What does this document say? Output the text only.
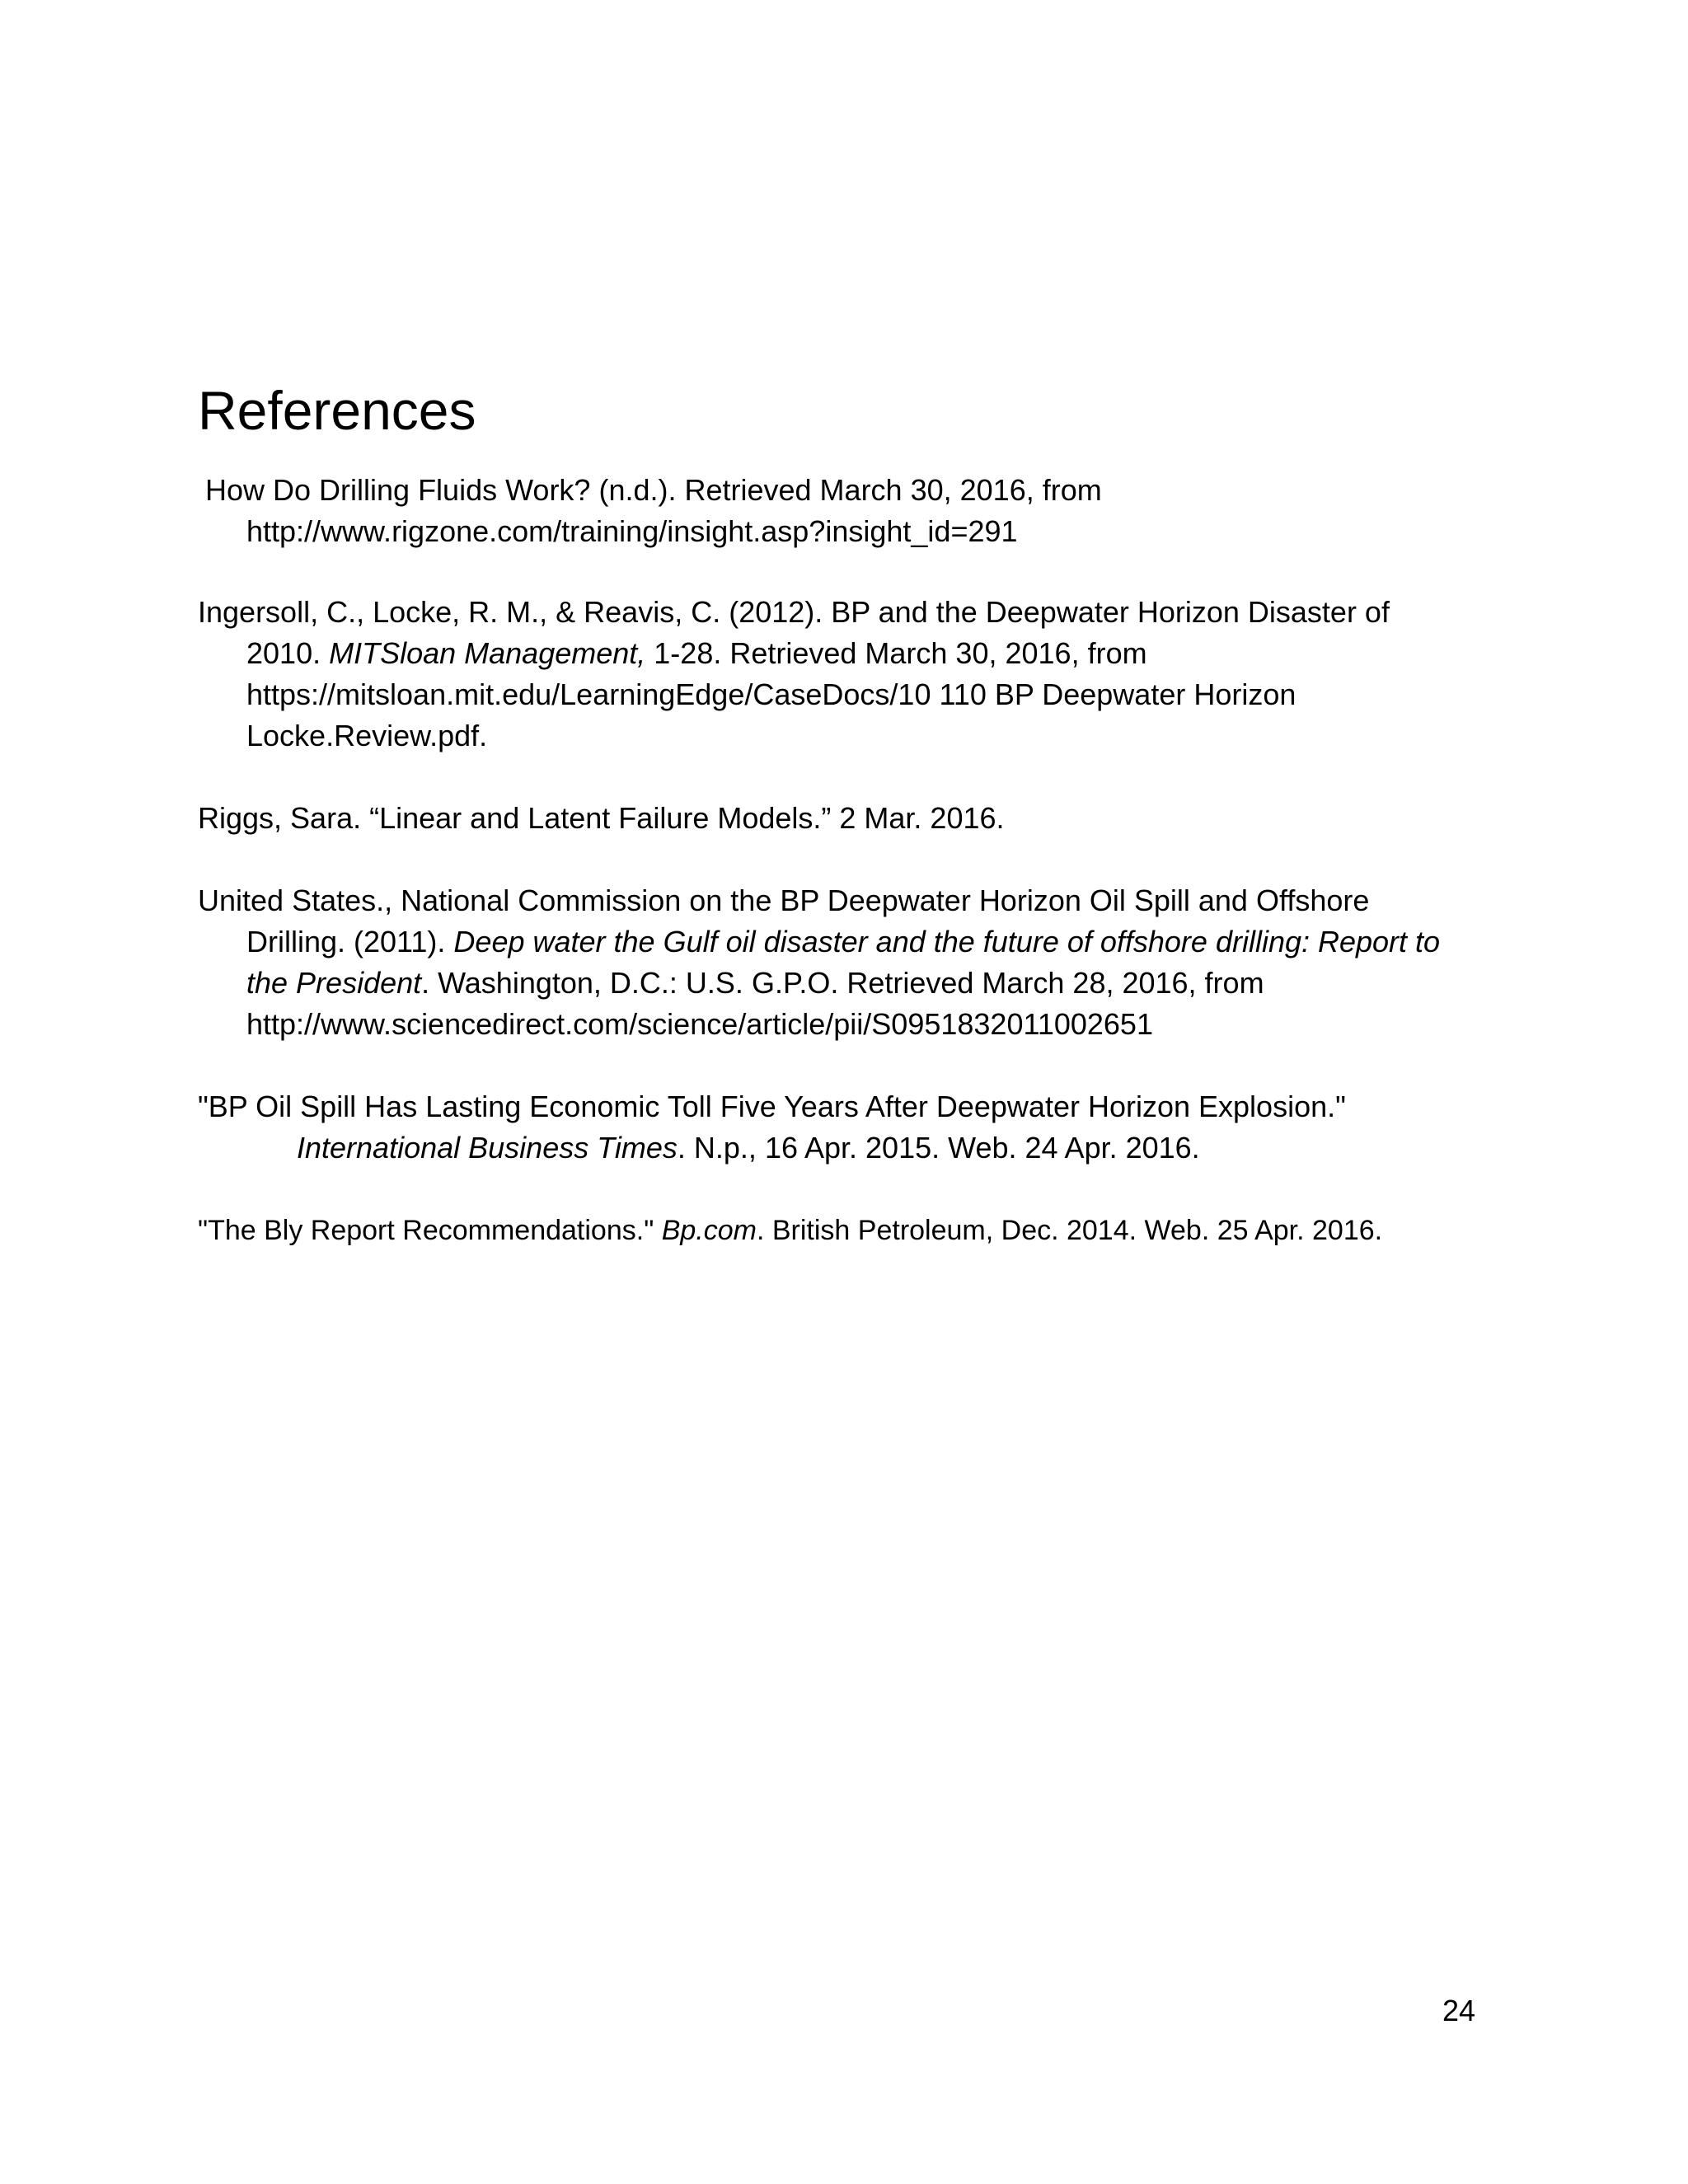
References
How Do Drilling Fluids Work? (n.d.). Retrieved March 30, 2016, from
http://www.rigzone.com/training/insight.asp?insight_id=291
Ingersoll, C., Locke, R. M., & Reavis, C. (2012). BP and the Deepwater Horizon Disaster of
2010. MITSloan Management, 1-28. Retrieved March 30, 2016, from
https://mitsloan.mit.edu/LearningEdge/CaseDocs/10 110 BP Deepwater Horizon
Locke.Review.pdf.
Riggs, Sara. “Linear and Latent Failure Models.” 2 Mar. 2016.
United States., National Commission on the BP Deepwater Horizon Oil Spill and Offshore
Drilling. (2011). Deep water the Gulf oil disaster and the future of offshore drilling: Report to
the President. Washington, D.C.: U.S. G.P.O. Retrieved March 28, 2016, from
http://www.sciencedirect.com/science/article/pii/S0951832011002651
"BP Oil Spill Has Lasting Economic Toll Five Years After Deepwater Horizon Explosion."
International Business Times. N.p., 16 Apr. 2015. Web. 24 Apr. 2016.
"The Bly Report Recommendations." Bp.com. British Petroleum, Dec. 2014. Web. 25 Apr. 2016.
24
